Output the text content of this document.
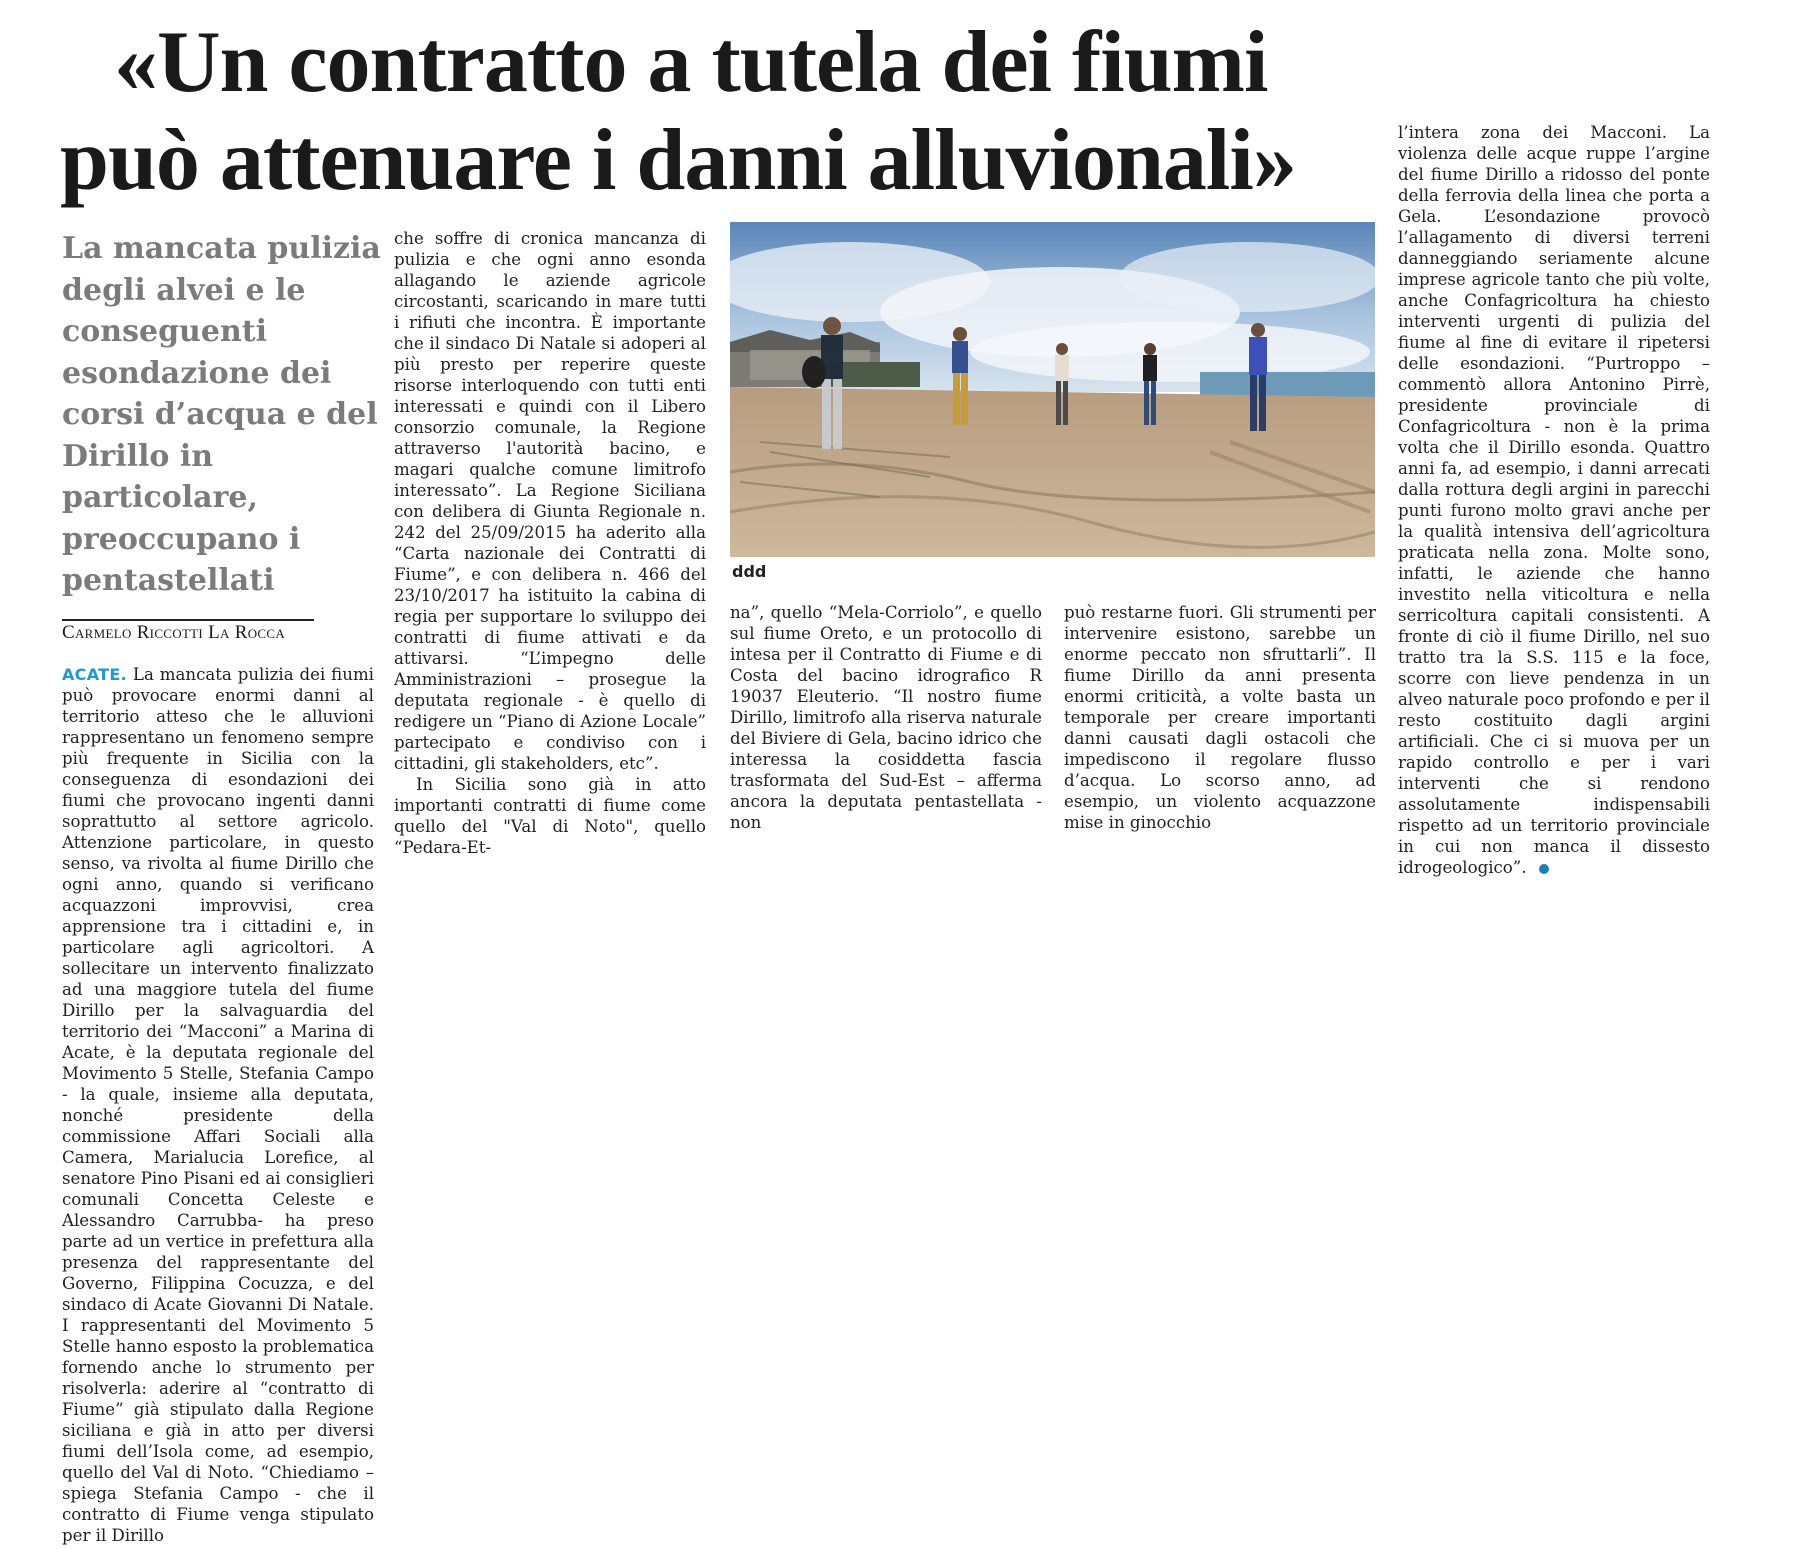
«Un contratto a tutela dei fiumi
può attenuare i danni alluvionali»

La mancata pulizia degli alvei e le conseguenti esondazione dei corsi d’acqua e del Dirillo in particolare, preoccupano i pentastellati

Carmelo Riccotti La Rocca

ACATE. La mancata pulizia dei fiumi può provocare enormi danni al territorio atteso che le alluvioni rappresentano un fenomeno sempre più frequente in Sicilia con la conseguenza di esondazioni dei fiumi che provocano ingenti danni soprattutto al settore agricolo. Attenzione particolare, in questo senso, va rivolta al fiume Dirillo che ogni anno, quando si verificano acquazzoni improvvisi, crea apprensione tra i cittadini e, in particolare agli agricoltori. A sollecitare un intervento finalizzato ad una maggiore tutela del fiume Dirillo per la salvaguardia del territorio dei “Macconi” a Marina di Acate, è la deputata regionale del Movimento 5 Stelle, Stefania Campo - la quale, insieme alla deputata, nonché presidente della commissione Affari Sociali alla Camera, Marialucia Lorefice, al senatore Pino Pisani ed ai consiglieri comunali Concetta Celeste e Alessandro Carrubba- ha preso parte ad un vertice in prefettura alla presenza del rappresentante del Governo, Filippina Cocuzza, e del sindaco di Acate Giovanni Di Natale. I rappresentanti del Movimento 5 Stelle hanno esposto la problematica fornendo anche lo strumento per risolverla: aderire al “contratto di Fiume” già stipulato dalla Regione siciliana e già in atto per diversi fiumi dell’Isola come, ad esempio, quello del Val di Noto. “Chiediamo – spiega Stefania Campo - che il contratto di Fiume venga stipulato per il Dirillo

che soffre di cronica mancanza di pulizia e che ogni anno esonda allagando le aziende agricole circostanti, scaricando in mare tutti i rifiuti che incontra. È importante che il sindaco Di Natale si adoperi al più presto per reperire queste risorse interloquendo con tutti enti interessati e quindi con il Libero consorzio comunale, la Regione attraverso l'autorità bacino, e magari qualche comune limitrofo interessato”. La Regione Siciliana con delibera di Giunta Regionale n. 242 del 25/09/2015 ha aderito alla “Carta nazionale dei Contratti di Fiume”, e con delibera n. 466 del 23/10/2017 ha istituito la cabina di regia per supportare lo sviluppo dei contratti di fiume attivati e da attivarsi. “L’impegno delle Amministrazioni – prosegue la deputata regionale - è quello di redigere un “Piano di Azione Locale” partecipato e condiviso con i cittadini, gli stakeholders, etc”.

In Sicilia sono già in atto importanti contratti di fiume come quello del "Val di Noto", quello “Pedara-Et-

ddd

na”, quello “Mela-Corriolo”, e quello sul fiume Oreto, e un protocollo di intesa per il Contratto di Fiume e di Costa del bacino idrografico R 19037 Eleuterio. “Il nostro fiume Dirillo, limitrofo alla riserva naturale del Biviere di Gela, bacino idrico che interessa la cosiddetta fascia trasformata del Sud-Est – afferma ancora la deputata pentastellata - non

può restarne fuori. Gli strumenti per intervenire esistono, sarebbe un enorme peccato non sfruttarli”. Il fiume Dirillo da anni presenta enormi criticità, a volte basta un temporale per creare importanti danni causati dagli ostacoli che impediscono il regolare flusso d’acqua. Lo scorso anno, ad esempio, un violento acquazzone mise in ginocchio

l’intera zona dei Macconi. La violenza delle acque ruppe l’argine del fiume Dirillo a ridosso del ponte della ferrovia della linea che porta a Gela. L’esondazione provocò l’allagamento di diversi terreni danneggiando seriamente alcune imprese agricole tanto che più volte, anche Confagricoltura ha chiesto interventi urgenti di pulizia del fiume al fine di evitare il ripetersi delle esondazioni. “Purtroppo – commentò allora Antonino Pirrè, presidente provinciale di Confagricoltura - non è la prima volta che il Dirillo esonda. Quattro anni fa, ad esempio, i danni arrecati dalla rottura degli argini in parecchi punti furono molto gravi anche per la qualità intensiva dell’agricoltura praticata nella zona. Molte sono, infatti, le aziende che hanno investito nella viticoltura e nella serricoltura capitali consistenti. A fronte di ciò il fiume Dirillo, nel suo tratto tra la S.S. 115 e la foce, scorre con lieve pendenza in un alveo naturale poco profondo e per il resto costituito dagli argini artificiali. Che ci si muova per un rapido controllo e per i vari interventi che si rendono assolutamente indispensabili rispetto ad un territorio provinciale in cui non manca il dissesto idrogeologico”.
